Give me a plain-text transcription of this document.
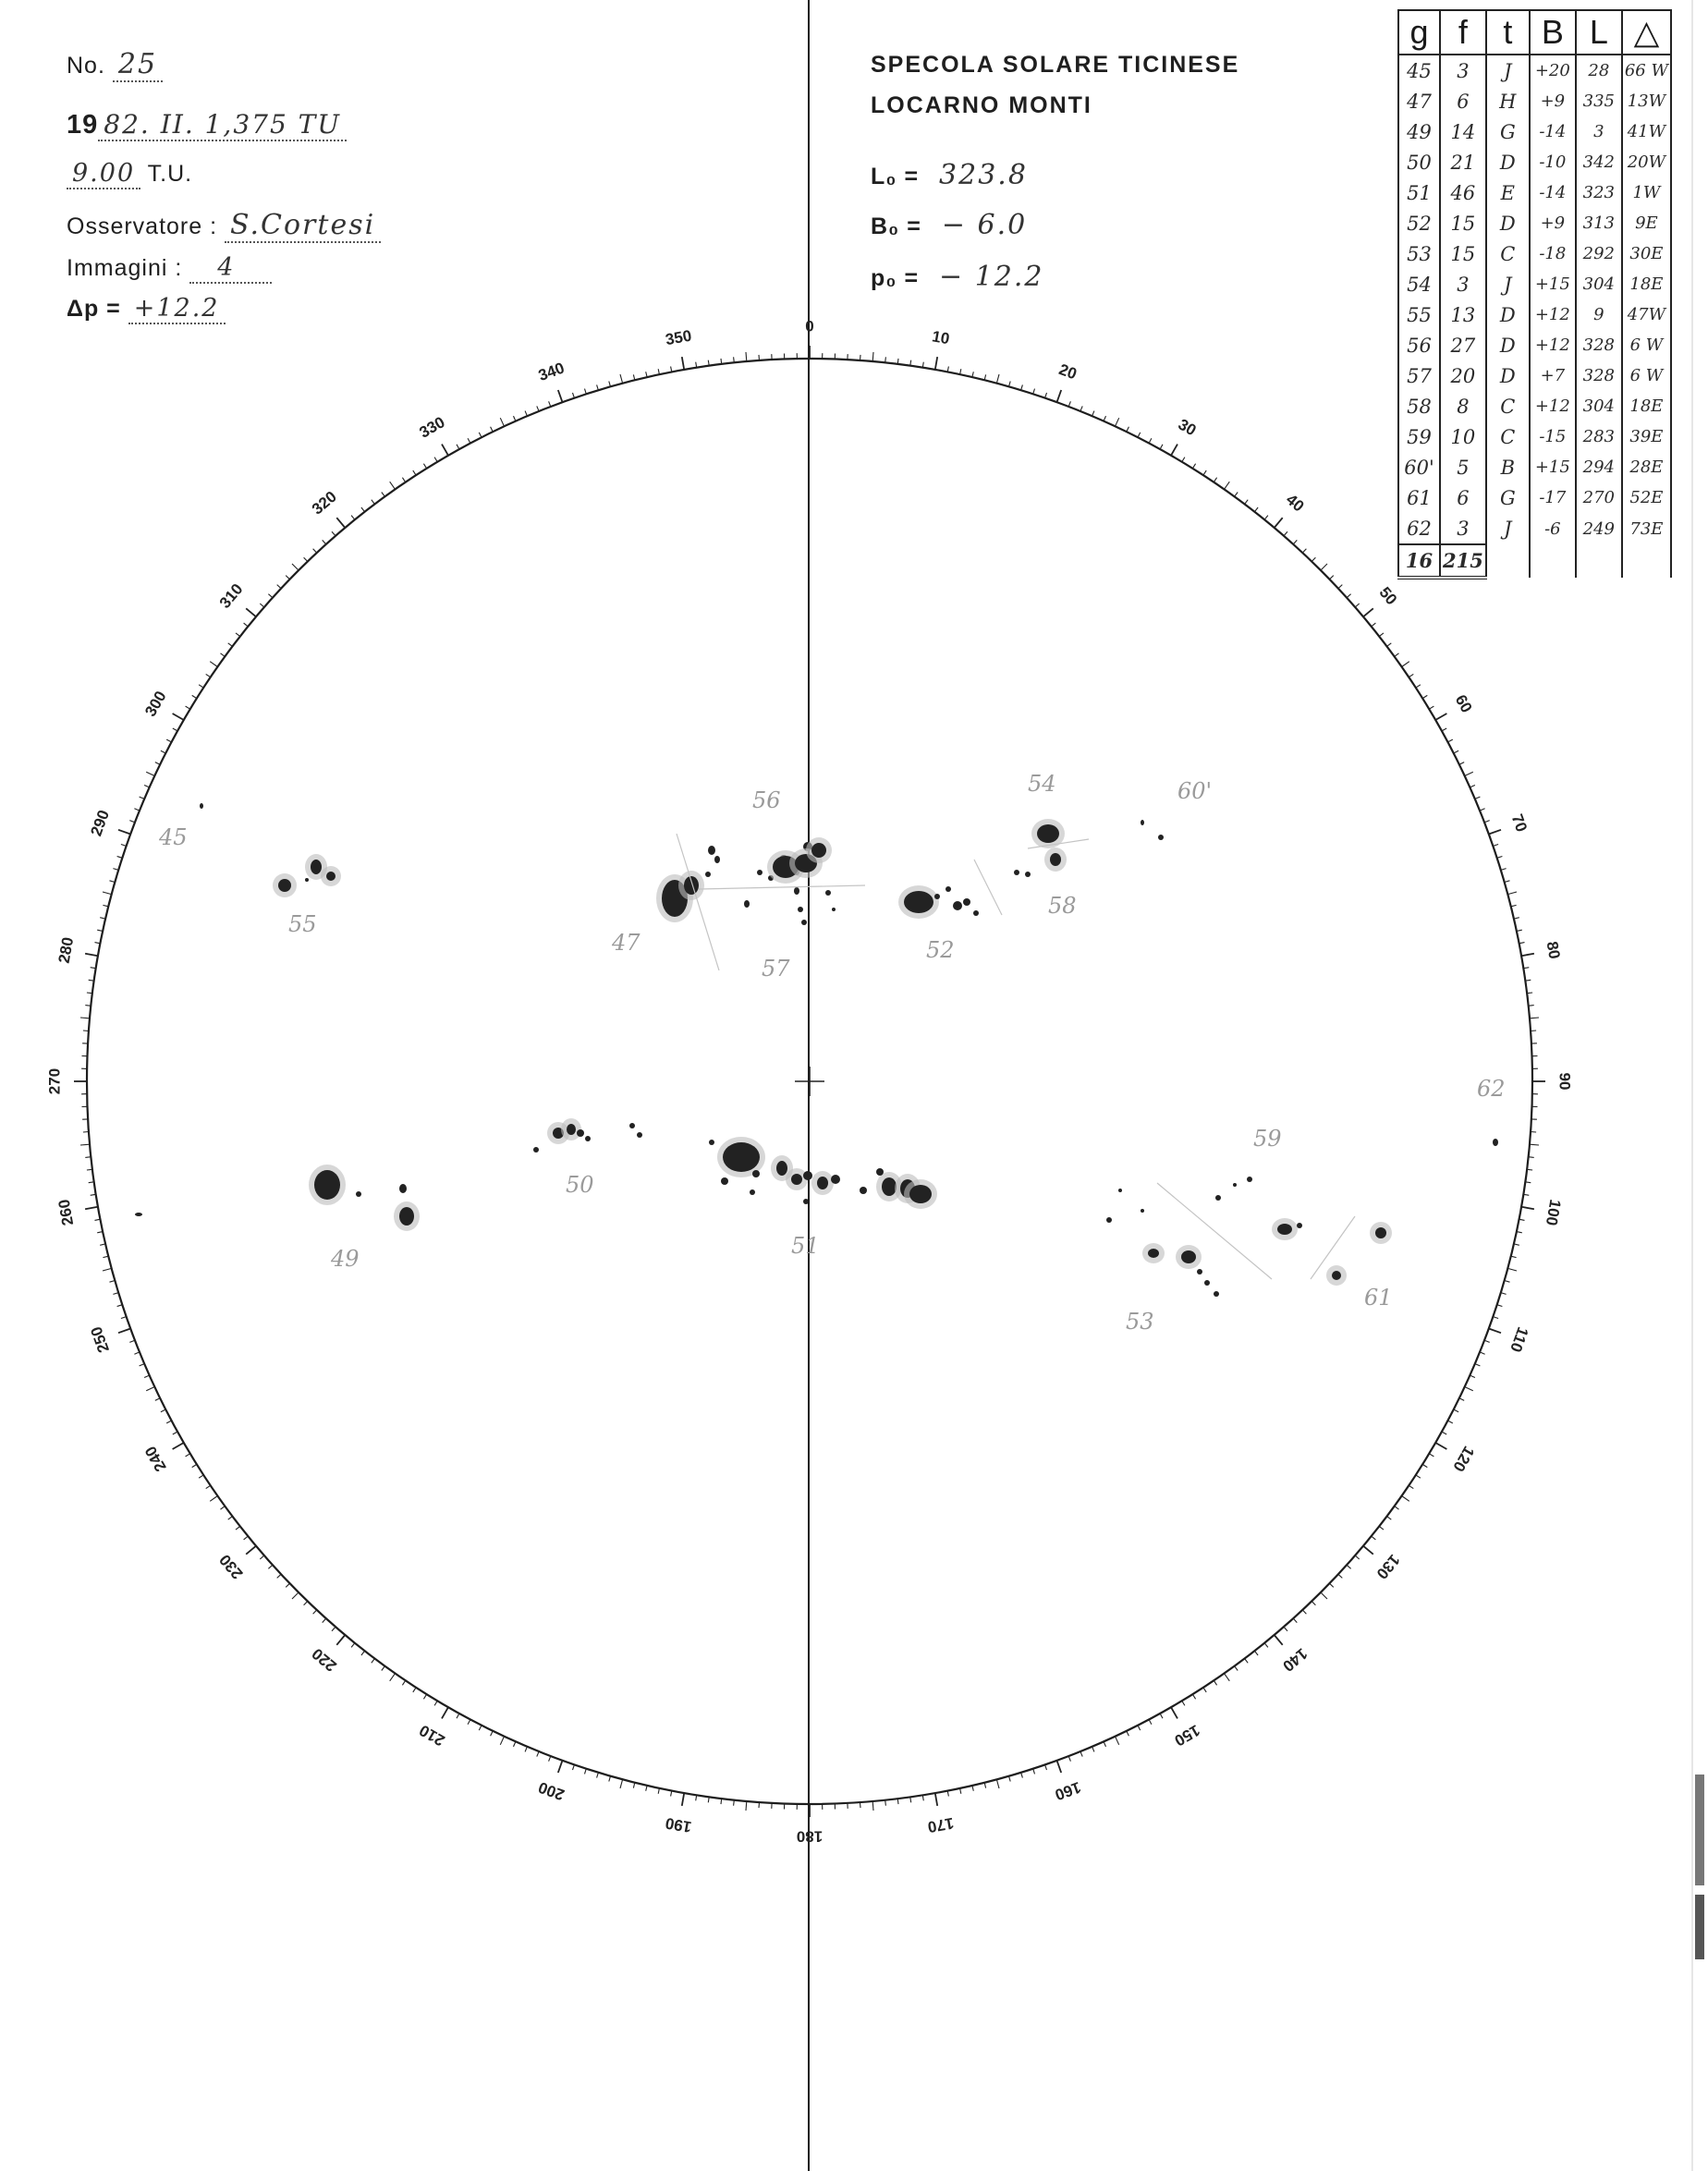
No. 25
19 82. II. 1,375 TU
9.00 T.U.
Osservatore : S.Cortesi
Immagini : 4
Δp = +12.2
SPECOLA SOLARE TICINESE
LOCARNO MONTI
L₀ = 323.8
B₀ = − 6.0
p₀ = − 12.2
0
10
20
30
40
50
60
70
80
90
100
110
120
130
140
150
160
170
180
190
200
210
220
230
240
250
260
270
280
290
300
310
320
330
340
350
45
55
56
47
57
52
54
58
60'
62
59
50
49	51
53
61
g	f	t	B	L	△
45	3	J	+20	28	66 W
47	6	H	+9	335	13W
49	14	G	-14	3	41W
50	21	D	-10	342	20W
51	46	E	-14	323	1W
52	15	D	+9	313	9E
53	15	C	-18	292	30E
54	3	J	+15	304	18E
55	13	D	+12	9	47W
56	27	D	+12	328	6 W
57	20	D	+7	328	6 W
58	8	C	+12	304	18E
59	10	C	-15	283	39E
60'	5	B	+15	294	28E
61	6	G	-17	270	52E
62	3	J	-6	249	73E
16	215				
